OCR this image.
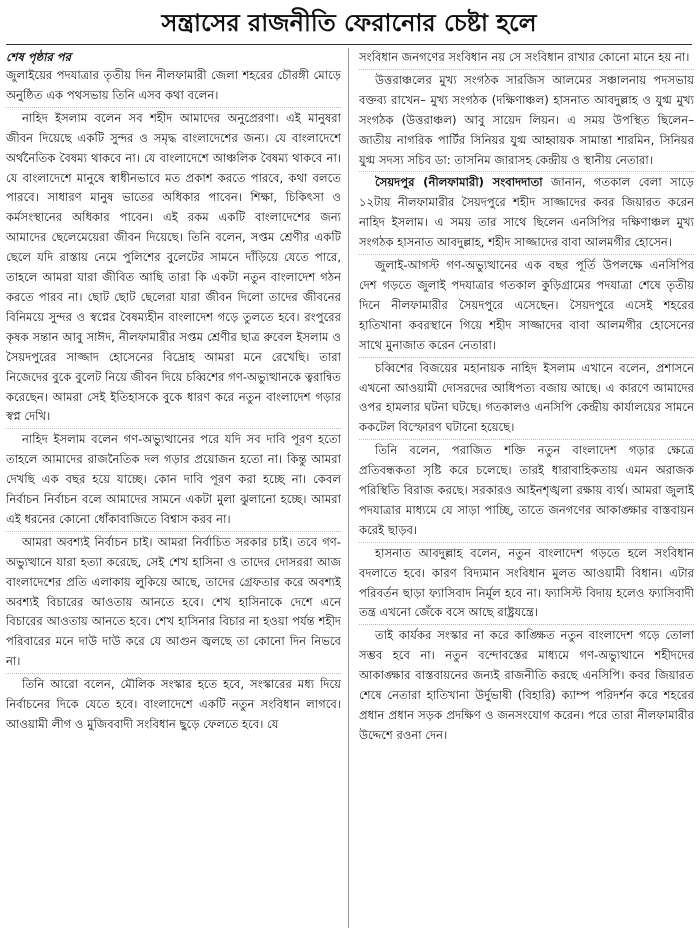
সন্ত্রাসের রাজনীতি ফেরানোর চেষ্টা হলে
শেষ পৃষ্ঠার পর

জুলাইয়ের পদযাত্রার তৃতীয় দিন নীলফামারী জেলা শহরের চৌরঙ্গী মোড়ে অনুষ্ঠিত এক পথসভায় তিনি এসব কথা বলেন।

নাহিদ ইসলাম বলেন সব শহীদ আমাদের অনুপ্রেরণা। এই মানুষরা জীবন দিয়েছে একটি সুন্দর ও সমৃদ্ধ বাংলাদেশের জন্য। যে বাংলাদেশে অর্থনৈতিক বৈষম্য থাকবে না। যে বাংলাদেশে আঞ্চলিক বৈষম্য থাকবে না। যে বাংলাদেশে মানুষে স্বাধীনভাবে মত প্রকাশ করতে পারবে, কথা বলতে পারবে। সাধারণ মানুষ ভাতের অধিকার পাবেন। শিক্ষা, চিকিৎসা ও কর্মসংস্থানের অধিকার পাবেন। এই রকম একটি বাংলাদেশের জন্য আমাদের ছেলেমেয়েরা জীবন দিয়েছে। তিনি বলেন, সপ্তম শ্রেণীর একটি ছেলে যদি রাস্তায় নেমে পুলিশের বুলেটের সামনে দাঁড়িয়ে যেতে পারে, তাহলে আমরা যারা জীবিত আছি তারা কি একটা নতুন বাংলাদেশ গঠন করতে পারব না। ছোট ছোট ছেলেরা যারা জীবন দিলো তাদের জীবনের বিনিময়ে সুন্দর ও স্বপ্নের বৈষম্যহীন বাংলাদেশ গড়ে তুলতে হবে। রংপুরের কৃষক সন্তান আবু সাঈদ, নীলফামারীর সপ্তম শ্রেণীর ছাত্র রুবেল ইসলাম ও সৈয়দপুরের সাজ্জাদ হোসেনের বিদ্রোহ আমরা মনে রেখেছি। তারা নিজেদের বুকে বুলেট নিয়ে জীবন দিয়ে চব্বিশের গণ-অভ্যুত্থানকে ত্বরান্বিত করেছেন। আমরা সেই ইতিহাসকে বুকে ধারণ করে নতুন বাংলাদেশ গড়ার স্বপ্ন দেখি।

নাহিদ ইসলাম বলেন গণ-অভ্যুত্থানের পরে যদি সব দাবি পূরণ হতো তাহলে আমাদের রাজনৈতিক দল গড়ার প্রয়োজন হতো না। কিন্তু আমরা দেখছি এক বছর হয়ে যাচ্ছে। কোন দাবি পূরণ করা হচ্ছে না। কেবল নির্বাচন নির্বাচন বলে আমাদের সামনে একটা মুলা ঝুলানো হচ্ছে। আমরা এই ধরনের কোনো ধোঁকাবাজিতে বিশ্বাস করব না।

আমরা অবশ্যই নির্বাচন চাই। আমরা নির্বাচিত সরকার চাই। তবে গণ-অভ্যুত্থানে যারা হত্যা করেছে, সেই শেখ হাসিনা ও তাদের দোসররা আজ বাংলাদেশের প্রতি এলাকায় লুকিয়ে আছে, তাদের গ্রেফতার করে অবশ্যই অবশ্যই বিচারের আওতায় আনতে হবে। শেখ হাসিনাকে দেশে এনে বিচারের আওতায় আনতে হবে। শেখ হাসিনার বিচার না হওয়া পর্যন্ত শহীদ পরিবারের মনে দাউ দাউ করে যে আগুন জ্বলছে তা কোনো দিন নিভবে না।

তিনি আরো বলেন, মৌলিক সংস্কার হতে হবে, সংস্কারের মধ্য দিয়ে নির্বাচনের দিকে যেতে হবে। বাংলাদেশে একটি নতুন সংবিধান লাগবে। আওয়ামী লীগ ও মুজিববাদী সংবিধান ছুড়ে ফেলতে হবে। যে

সংবিধান জনগণের সংবিধান নয় সে সংবিধান রাখার কোনো মানে হয় না।

উত্তরাঞ্চলের মুখ্য সংগঠক সারজিস আলমের সঞ্চালনায় পদসভায় বক্তব্য রাখেন– মুখ্য সংগঠক (দক্ষিণাঞ্চল) হাসনাত আবদুল্লাহ ও যুগ্ম মুখ্য সংগঠক (উত্তরাঞ্চল) আবু সায়েদ লিয়ন। এ সময় উপস্থিত ছিলেন– জাতীয় নাগরিক পার্টির সিনিয়র যুগ্ম আহ্বায়ক সামান্তা শারমিন, সিনিয়র যুগ্ম সদস্য সচিব ডা: তাসনিম জারাসহ কেন্দ্রীয় ও স্থানীয় নেতারা।

সৈয়দপুর (নীলফামারী) সংবাদদাতা জানান, গতকাল বেলা সাড়ে ১২টায় নীলফামারীর সৈয়দপুরে শহীদ সাজ্জাদের কবর জিয়ারত করেন নাহিদ ইসলাম। এ সময় তার সাথে ছিলেন এনসিপির দক্ষিণাঞ্চল মুখ্য সংগঠক হাসনাত আবদুল্লাহ, শহীদ সাজ্জাদের বাবা আলমগীর হোসেন।

জুলাই-আগস্ট গণ-অভ্যুত্থানের এক বছর পূর্তি উপলক্ষে এনসিপির দেশ গড়তে জুলাই পদযাত্রার গতকাল কুড়িগ্রামের পদযাত্রা শেষে তৃতীয় দিনে নীলফামারীর সৈয়দপুরে এসেছেন। সৈয়দপুরে এসেই শহরের হাতিখানা কবরস্থানে গিয়ে শহীদ সাজ্জাদের বাবা আলমগীর হোসেনের সাথে মুনাজাত করেন নেতারা।

চব্বিশের বিজয়ের মহানায়ক নাহিদ ইসলাম এখানে বলেন, প্রশাসনে এখনো আওয়ামী দোসরদের আধিপত্য বজায় আছে। এ কারণে আমাদের ওপর হামলার ঘটনা ঘটছে। গতকালও এনসিপি কেন্দ্রীয় কার্যালয়ের সামনে ককটেল বিস্ফোরণ ঘটানো হয়েছে।

তিনি বলেন, পরাজিত শক্তি নতুন বাংলাদেশ গড়ার ক্ষেত্রে প্রতিবন্ধকতা সৃষ্টি করে চলেছে। তারই ধারাবাহিকতায় এমন অরাজক পরিস্থিতি বিরাজ করছে। সরকারও আইনশৃঙ্খলা রক্ষায় ব্যর্থ। আমরা জুলাই পদযাত্রার মাধ্যমে যে সাড়া পাচ্ছি, তাতে জনগণের আকাঙ্ক্ষার বাস্তবায়ন করেই ছাড়ব।

হাসনাত আবদুল্লাহ বলেন, নতুন বাংলাদেশ গড়তে হলে সংবিধান বদলাতে হবে। কারণ বিদ্যমান সংবিধান মুলত আওয়ামী বিধান। এটার পরিবর্তন ছাড়া ফ্যাসিবাদ নির্মূল হবে না। ফ্যাসিস্ট বিদায় হলেও ফ্যাসিবাদী তন্ত্র এখনো জেঁকে বসে আছে রাষ্ট্রযন্ত্রে।

তাই কার্যকর সংস্কার না করে কাঙ্ক্ষিত নতুন বাংলাদেশ গড়ে তোলা সম্ভব হবে না। নতুন বন্দোবস্তের মাধ্যমে গণ-অভ্যুত্থানে শহীদদের আকাঙ্ক্ষার বাস্তবায়নের জন্যই রাজনীতি করছে এনসিপি। কবর জিয়ারত শেষে নেতারা হাতিখানা উর্দুভাষী (বিহারি) ক্যাম্প পরিদর্শন করে শহরের প্রধান প্রধান সড়ক প্রদক্ষিণ ও জনসংযোগ করেন। পরে তারা নীলফামারীর উদ্দেশে রওনা দেন।
